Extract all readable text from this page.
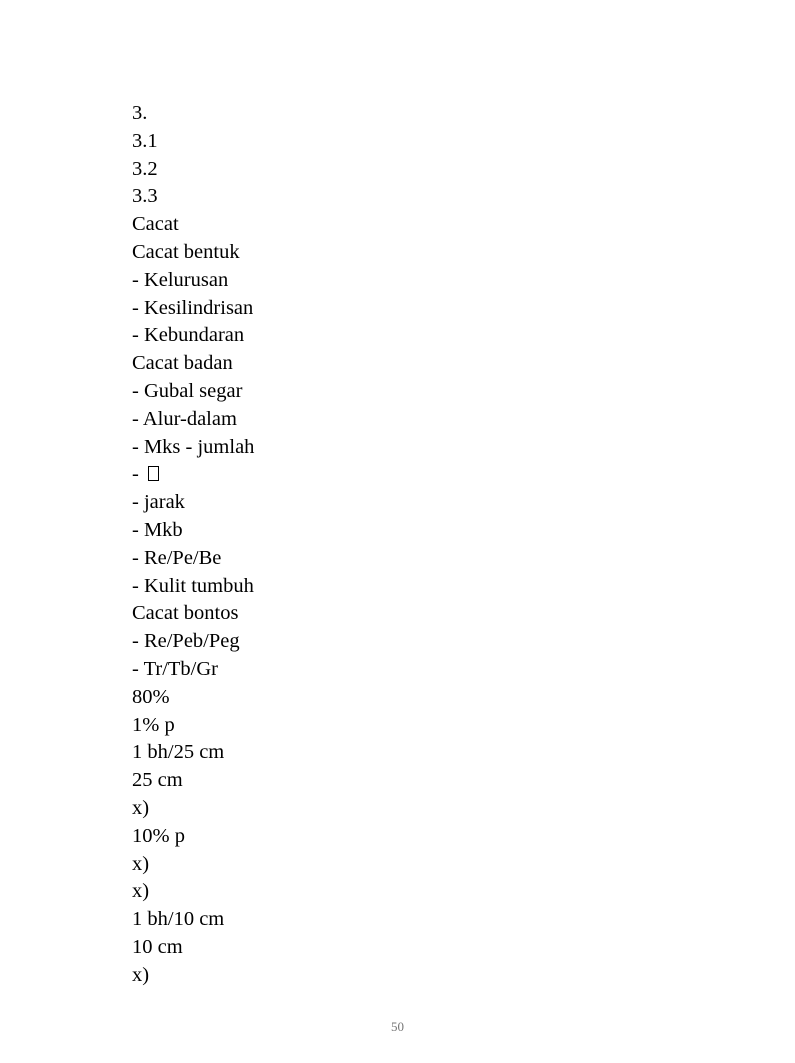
3.
3.1
3.2
3.3
Cacat
Cacat bentuk
- Kelurusan
- Kesilindrisan
- Kebundaran
Cacat badan
- Gubal segar
- Alur-dalam
- Mks - jumlah
-
- jarak
- Mkb
- Re/Pe/Be
- Kulit tumbuh
Cacat bontos
- Re/Peb/Peg
- Tr/Tb/Gr
80%
1% p
1 bh/25 cm
25 cm
x)
10% p
x)
x)
1 bh/10 cm
10 cm
x)
50
